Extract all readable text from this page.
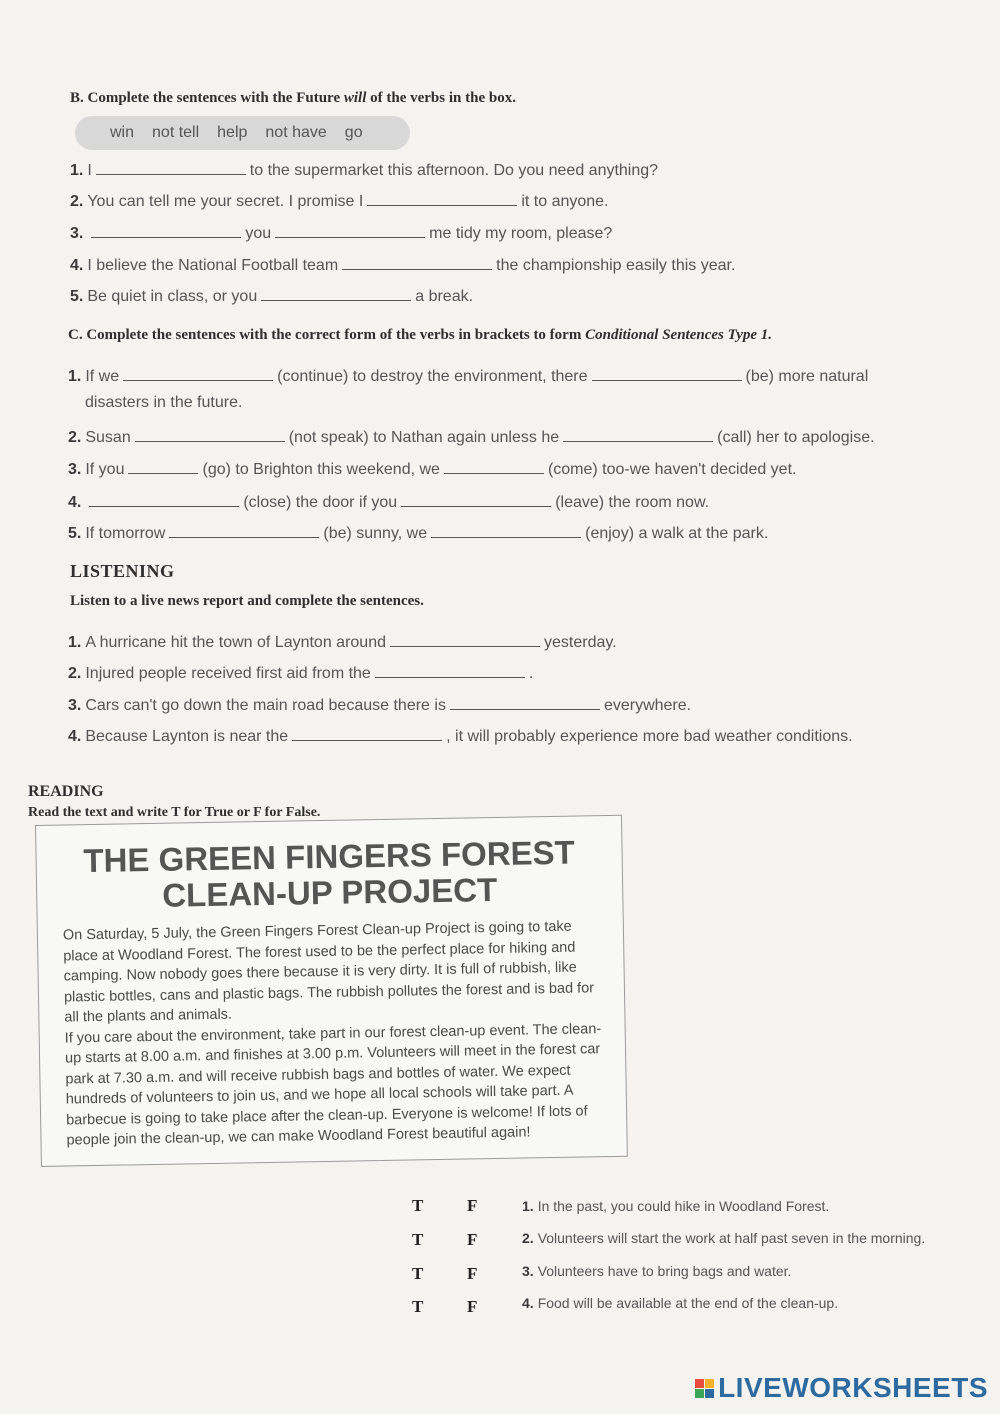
B. Complete the sentences with the Future will of the verbs in the box.
win not tell help not have go
1. I	to the supermarket this afternoon. Do you need anything?
2. You can tell me your secret. I promise I	it to anyone.
3.	you	me tidy my room, please?
4. I believe the National Football team	the championship easily this year.
5. Be quiet in class, or you	a break.
C. Complete the sentences with the correct form of the verbs in brackets to form Conditional Sentences Type 1.
1. If we	(continue) to destroy the environment, there	(be) more natural
disasters in the future.
2. Susan	(not speak) to Nathan again unless he	(call) her to apologise.
3. If you	(go) to Brighton this weekend, we	(come) too-we haven't decided yet.
4.	(close) the door if you	(leave) the room now.
5. If tomorrow	(be) sunny, we	(enjoy) a walk at the park.
LISTENING
Listen to a live news report and complete the sentences.
1. A hurricane hit the town of Laynton around	yesterday.
2. Injured people received first aid from the	.
3. Cars can't go down the main road because there is	everywhere.
4. Because Laynton is near the	, it will probably experience more bad weather conditions.
READING
Read the text and write T for True or F for False.
THE GREEN FINGERS FOREST
CLEAN-UP PROJECT

On Saturday, 5 July, the Green Fingers Forest Clean-up Project is going to take place at Woodland Forest. The forest used to be the perfect place for hiking and camping. Now nobody goes there because it is very dirty. It is full of rubbish, like plastic bottles, cans and plastic bags. The rubbish pollutes the forest and is bad for all the plants and animals.

If you care about the environment, take part in our forest clean-up event. The clean-up starts at 8.00 a.m. and finishes at 3.00 p.m. Volunteers will meet in the forest car park at 7.30 a.m. and will receive rubbish bags and bottles of water. We expect hundreds of volunteers to join us, and we hope all local schools will take part. A barbecue is going to take place after the clean-up. Everyone is welcome! If lots of people join the clean-up, we can make Woodland Forest beautiful again!

T	F	1. In the past, you could hike in Woodland Forest.
T	F	2. Volunteers will start the work at half past seven in the morning.
T	F	3. Volunteers have to bring bags and water.
T	F	4. Food will be available at the end of the clean-up.
LIVEWORKSHEETS
